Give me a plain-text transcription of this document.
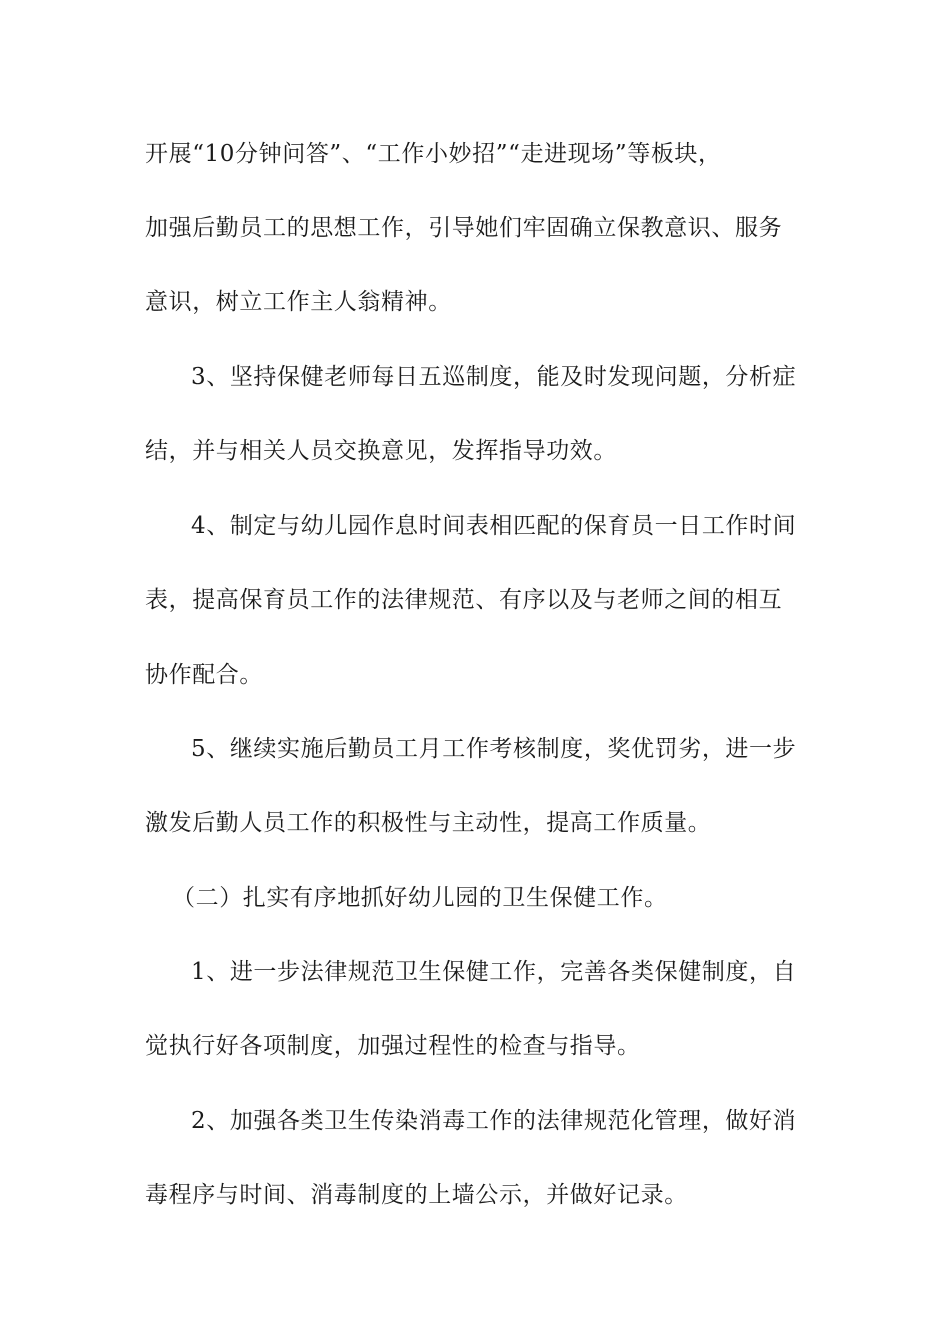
开展“10分钟问答”、“工作小妙招”“走进现场”等板块，
加强后勤员工的思想工作，引导她们牢固确立保教意识、服务
意识，树立工作主人翁精神。
3、坚持保健老师每日五巡制度，能及时发现问题，分析症
结，并与相关人员交换意见，发挥指导功效。
4、制定与幼儿园作息时间表相匹配的保育员一日工作时间
表，提高保育员工作的法律规范、有序以及与老师之间的相互
协作配合。
5、继续实施后勤员工月工作考核制度，奖优罚劣，进一步
激发后勤人员工作的积极性与主动性，提高工作质量。
（二）扎实有序地抓好幼儿园的卫生保健工作。
1、进一步法律规范卫生保健工作，完善各类保健制度，自
觉执行好各项制度，加强过程性的检查与指导。
2、加强各类卫生传染消毒工作的法律规范化管理，做好消
毒程序与时间、消毒制度的上墙公示，并做好记录。
